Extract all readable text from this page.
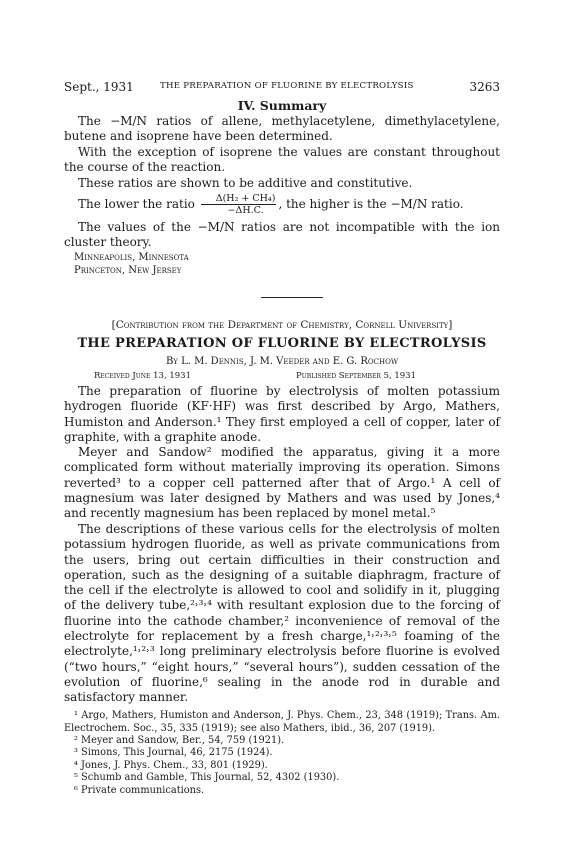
Sept., 1931	THE PREPARATION OF FLUORINE BY ELECTROLYSIS	3263

IV. Summary

The −M/N ratios of allene, methylacetylene, dimethylacetylene, butene and isoprene have been determined.

With the exception of isoprene the values are constant throughout the course of the reaction.

These ratios are shown to be additive and constitutive.

The lower the ratio $\frac{\text{Δ(H₂ + CH₄)}}{-\Delta H.C.}$ , the higher is the −M/N ratio.

The values of the −M/N ratios are not incompatible with the ion cluster theory.

Minneapolis, Minnesota

Princeton, New Jersey

[Contribution from the Department of Chemistry, Cornell University]

THE PREPARATION OF FLUORINE BY ELECTROLYSIS

By L. M. Dennis, J. M. Veeder and E. G. Rochow

Received June 13, 1931	Published September 5, 1931

The preparation of fluorine by electrolysis of molten potassium hydrogen fluoride (KF·HF) was first described by Argo, Mathers, Humiston and Anderson.¹ They first employed a cell of copper, later of graphite, with a graphite anode.

Meyer and Sandow² modified the apparatus, giving it a more complicated form without materially improving its operation. Simons reverted³ to a copper cell patterned after that of Argo.¹ A cell of magnesium was later designed by Mathers and was used by Jones,⁴ and recently magnesium has been replaced by monel metal.⁵

The descriptions of these various cells for the electrolysis of molten potassium hydrogen fluoride, as well as private communications from the users, bring out certain difficulties in their construction and operation, such as the designing of a suitable diaphragm, fracture of the cell if the electrolyte is allowed to cool and solidify in it, plugging of the delivery tube,²˒³˒⁴ with resultant explosion due to the forcing of fluorine into the cathode chamber,² inconvenience of removal of the electrolyte for replacement by a fresh charge,¹˒²˒³˒⁵ foaming of the electrolyte,¹˒²˒³ long preliminary electrolysis before fluorine is evolved (“two hours,” “eight hours,” “several hours”), sudden cessation of the evolution of fluorine,⁶ sealing in the anode rod in durable and satisfactory manner.

¹ Argo, Mathers, Humiston and Anderson, J. Phys. Chem., 23, 348 (1919); Trans. Am. Electrochem. Soc., 35, 335 (1919); see also Mathers, ibid., 36, 207 (1919).

² Meyer and Sandow, Ber., 54, 759 (1921).

³ Simons, This Journal, 46, 2175 (1924).

⁴ Jones, J. Phys. Chem., 33, 801 (1929).

⁵ Schumb and Gamble, This Journal, 52, 4302 (1930).

⁶ Private communications.
